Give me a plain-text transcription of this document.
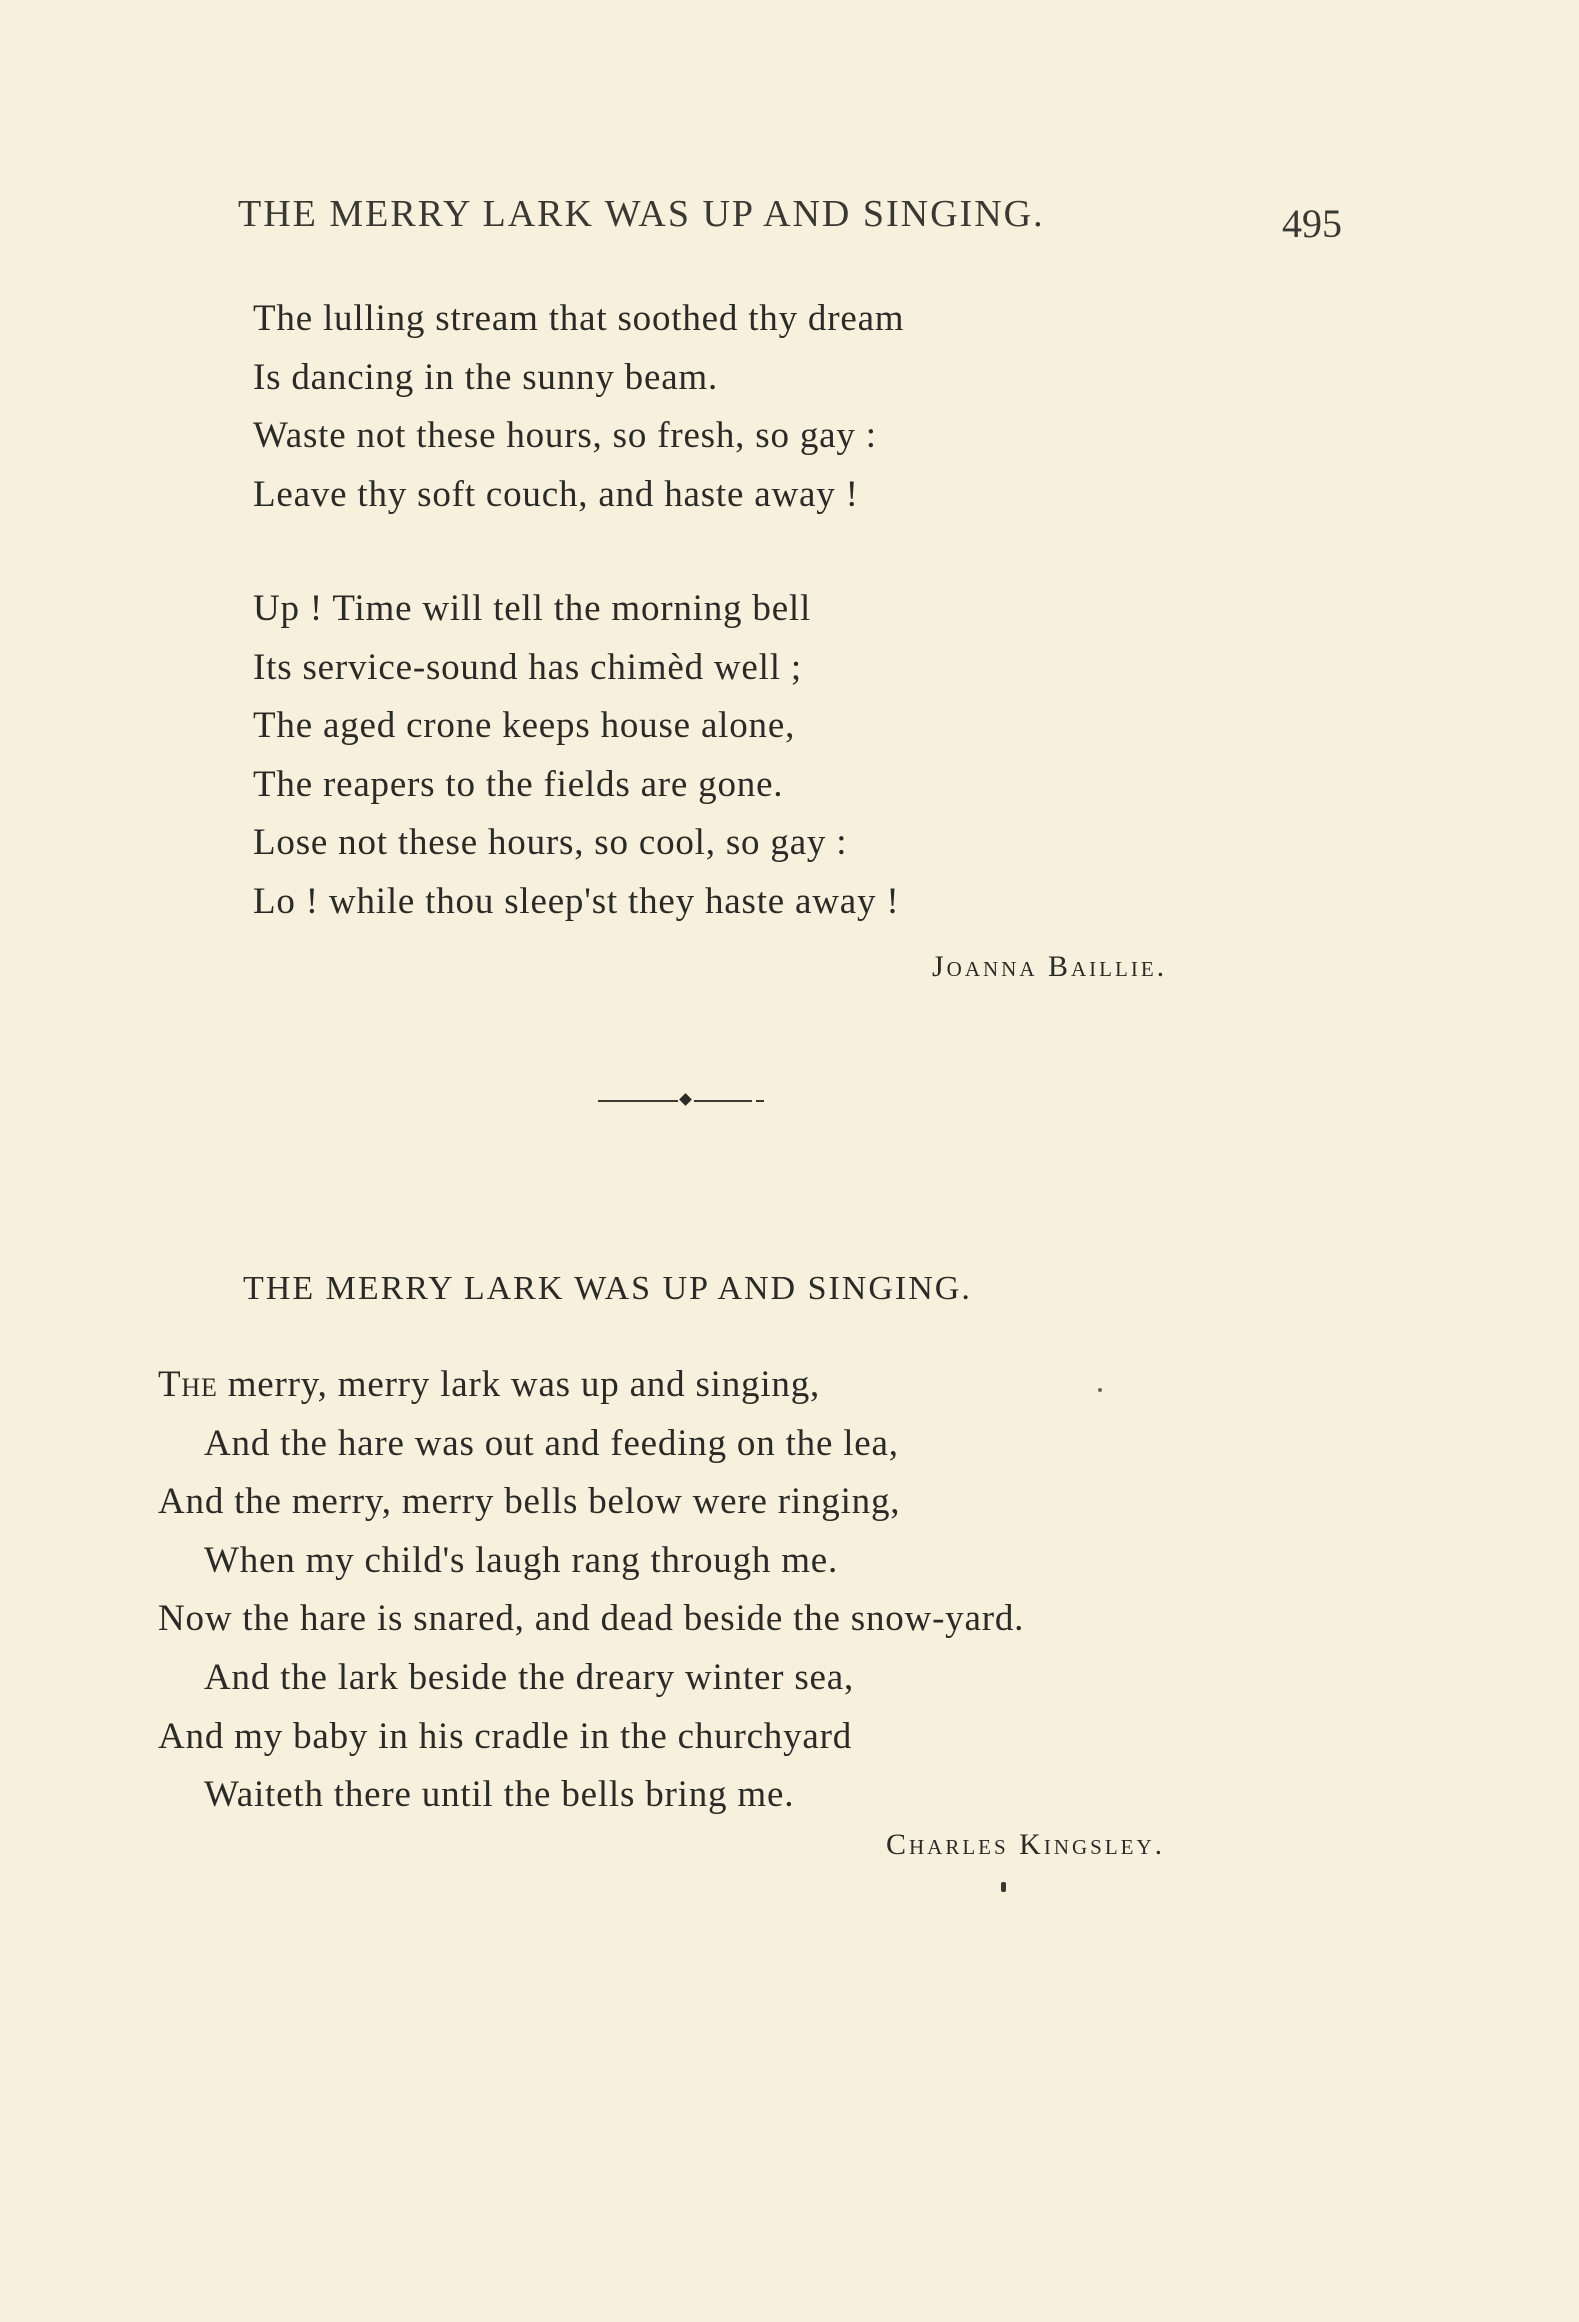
THE MERRY LARK WAS UP AND SINGING.	495
The lulling stream that soothed thy dream
Is dancing in the sunny beam.
Waste not these hours, so fresh, so gay :
Leave thy soft couch, and haste away !
Up ! Time will tell the morning bell
Its service-sound has chimèd well ;
The aged crone keeps house alone,
The reapers to the fields are gone.
Lose not these hours, so cool, so gay :
Lo ! while thou sleep'st they haste away !
Joanna Baillie.
THE MERRY LARK WAS UP AND SINGING.
The merry, merry lark was up and singing,
And the hare was out and feeding on the lea,
And the merry, merry bells below were ringing,
When my child's laugh rang through me.
Now the hare is snared, and dead beside the snow-yard.
And the lark beside the dreary winter sea,
And my baby in his cradle in the churchyard
Waiteth there until the bells bring me.
Charles Kingsley.
